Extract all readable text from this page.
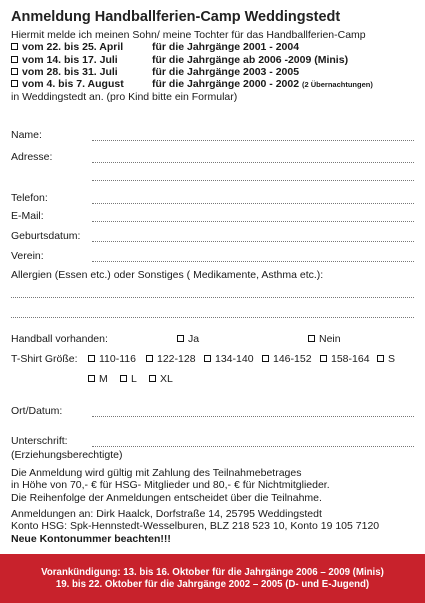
Anmeldung Handballferien-Camp Weddingstedt
Hiermit melde ich meinen Sohn/ meine Tochter für das Handballferien-Camp
vom 22. bis 25. April	für die Jahrgänge 2001 - 2004
vom 14. bis 17. Juli	für die Jahrgänge ab 2006 -2009 (Minis)
vom 28. bis 31. Juli	für die Jahrgänge 2003 - 2005
vom 4. bis 7. August	für die Jahrgänge 2000 - 2002 (2 Übernachtungen)
in Weddingstedt an. (pro Kind bitte ein Formular)
Name:
Adresse:
Telefon:
E-Mail:
Geburtsdatum:
Verein:
Allergien (Essen etc.) oder Sonstiges ( Medikamente, Asthma etc.):
Handball vorhanden:	Ja	Nein
T-Shirt Größe:	110-116	122-128	134-140	146-152	158-164	S
M	L	XL
Ort/Datum:
Unterschrift:
(Erziehungsberechtigte)
Die Anmeldung wird gültig mit Zahlung des Teilnahmebetrages
in Höhe von 70,- € für HSG- Mitglieder und 80,- € für Nichtmitglieder.
Die Reihenfolge der Anmeldungen entscheidet über die Teilnahme.
Anmeldungen an: Dirk Haalck, Dorfstraße 14, 25795 Weddingstedt
Konto HSG: Spk-Hennstedt-Wesselburen, BLZ 218 523 10, Konto 19 105 7120
Neue Kontonummer beachten!!!
Vorankündigung: 13. bis 16. Oktober für die Jahrgänge 2006 – 2009 (Minis)
19. bis 22. Oktober für die Jahrgänge 2002 – 2005 (D- und E-Jugend)
